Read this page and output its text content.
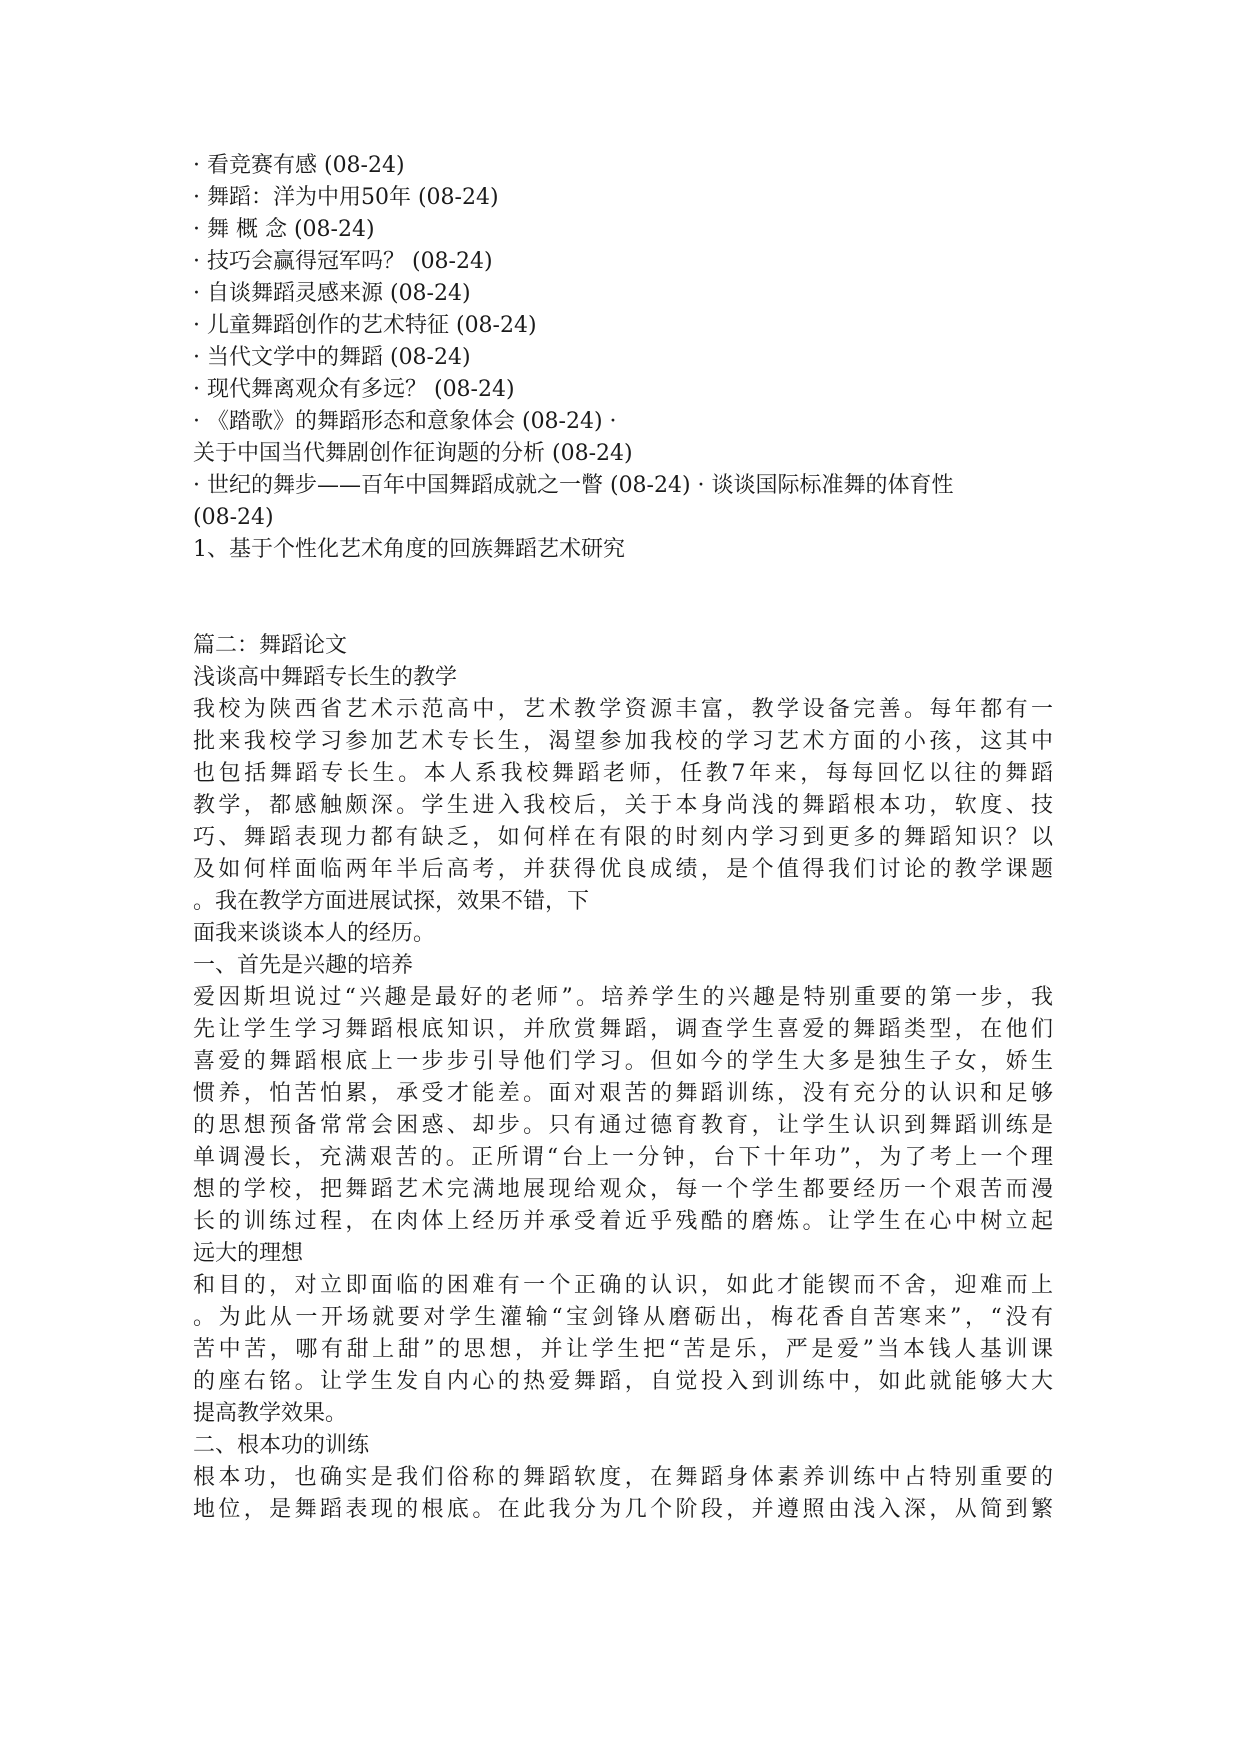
· 看竞赛有感 (08-24)
· 舞蹈：洋为中用50年 (08-24)
· 舞 概 念 (08-24)
· 技巧会赢得冠军吗？ (08-24)
· 自谈舞蹈灵感来源 (08-24)
· 儿童舞蹈创作的艺术特征 (08-24)
· 当代文学中的舞蹈 (08-24)
· 现代舞离观众有多远？ (08-24)
· 《踏歌》的舞蹈形态和意象体会 (08-24) ·
关于中国当代舞剧创作征询题的分析 (08-24)
· 世纪的舞步——百年中国舞蹈成就之一瞥 (08-24) · 谈谈国际标准舞的体育性
(08-24)
1、基于个性化艺术角度的回族舞蹈艺术研究
篇二：舞蹈论文
浅谈高中舞蹈专长生的教学
我校为陕西省艺术示范高中，艺术教学资源丰富，教学设备完善。每年都有一
批来我校学习参加艺术专长生，渴望参加我校的学习艺术方面的小孩，这其中
也包括舞蹈专长生。本人系我校舞蹈老师，任教7年来，每每回忆以往的舞蹈
教学，都感触颇深。学生进入我校后，关于本身尚浅的舞蹈根本功，软度、技
巧、舞蹈表现力都有缺乏，如何样在有限的时刻内学习到更多的舞蹈知识？以
及如何样面临两年半后高考，并获得优良成绩，是个值得我们讨论的教学课题
。我在教学方面进展试探，效果不错，下
面我来谈谈本人的经历。
一、首先是兴趣的培养
爱因斯坦说过“兴趣是最好的老师”。培养学生的兴趣是特别重要的第一步，我
先让学生学习舞蹈根底知识，并欣赏舞蹈，调查学生喜爱的舞蹈类型，在他们
喜爱的舞蹈根底上一步步引导他们学习。但如今的学生大多是独生子女，娇生
惯养，怕苦怕累，承受才能差。面对艰苦的舞蹈训练，没有充分的认识和足够
的思想预备常常会困惑、却步。只有通过德育教育，让学生认识到舞蹈训练是
单调漫长，充满艰苦的。正所谓“台上一分钟，台下十年功”，为了考上一个理
想的学校，把舞蹈艺术完满地展现给观众，每一个学生都要经历一个艰苦而漫
长的训练过程，在肉体上经历并承受着近乎残酷的磨炼。让学生在心中树立起
远大的理想
和目的，对立即面临的困难有一个正确的认识，如此才能锲而不舍，迎难而上
。为此从一开场就要对学生灌输“宝剑锋从磨砺出，梅花香自苦寒来”，“没有
苦中苦，哪有甜上甜”的思想，并让学生把“苦是乐，严是爱”当本钱人基训课
的座右铭。让学生发自内心的热爱舞蹈，自觉投入到训练中，如此就能够大大
提高教学效果。
二、根本功的训练
根本功，也确实是我们俗称的舞蹈软度，在舞蹈身体素养训练中占特别重要的
地位，是舞蹈表现的根底。在此我分为几个阶段，并遵照由浅入深，从简到繁
